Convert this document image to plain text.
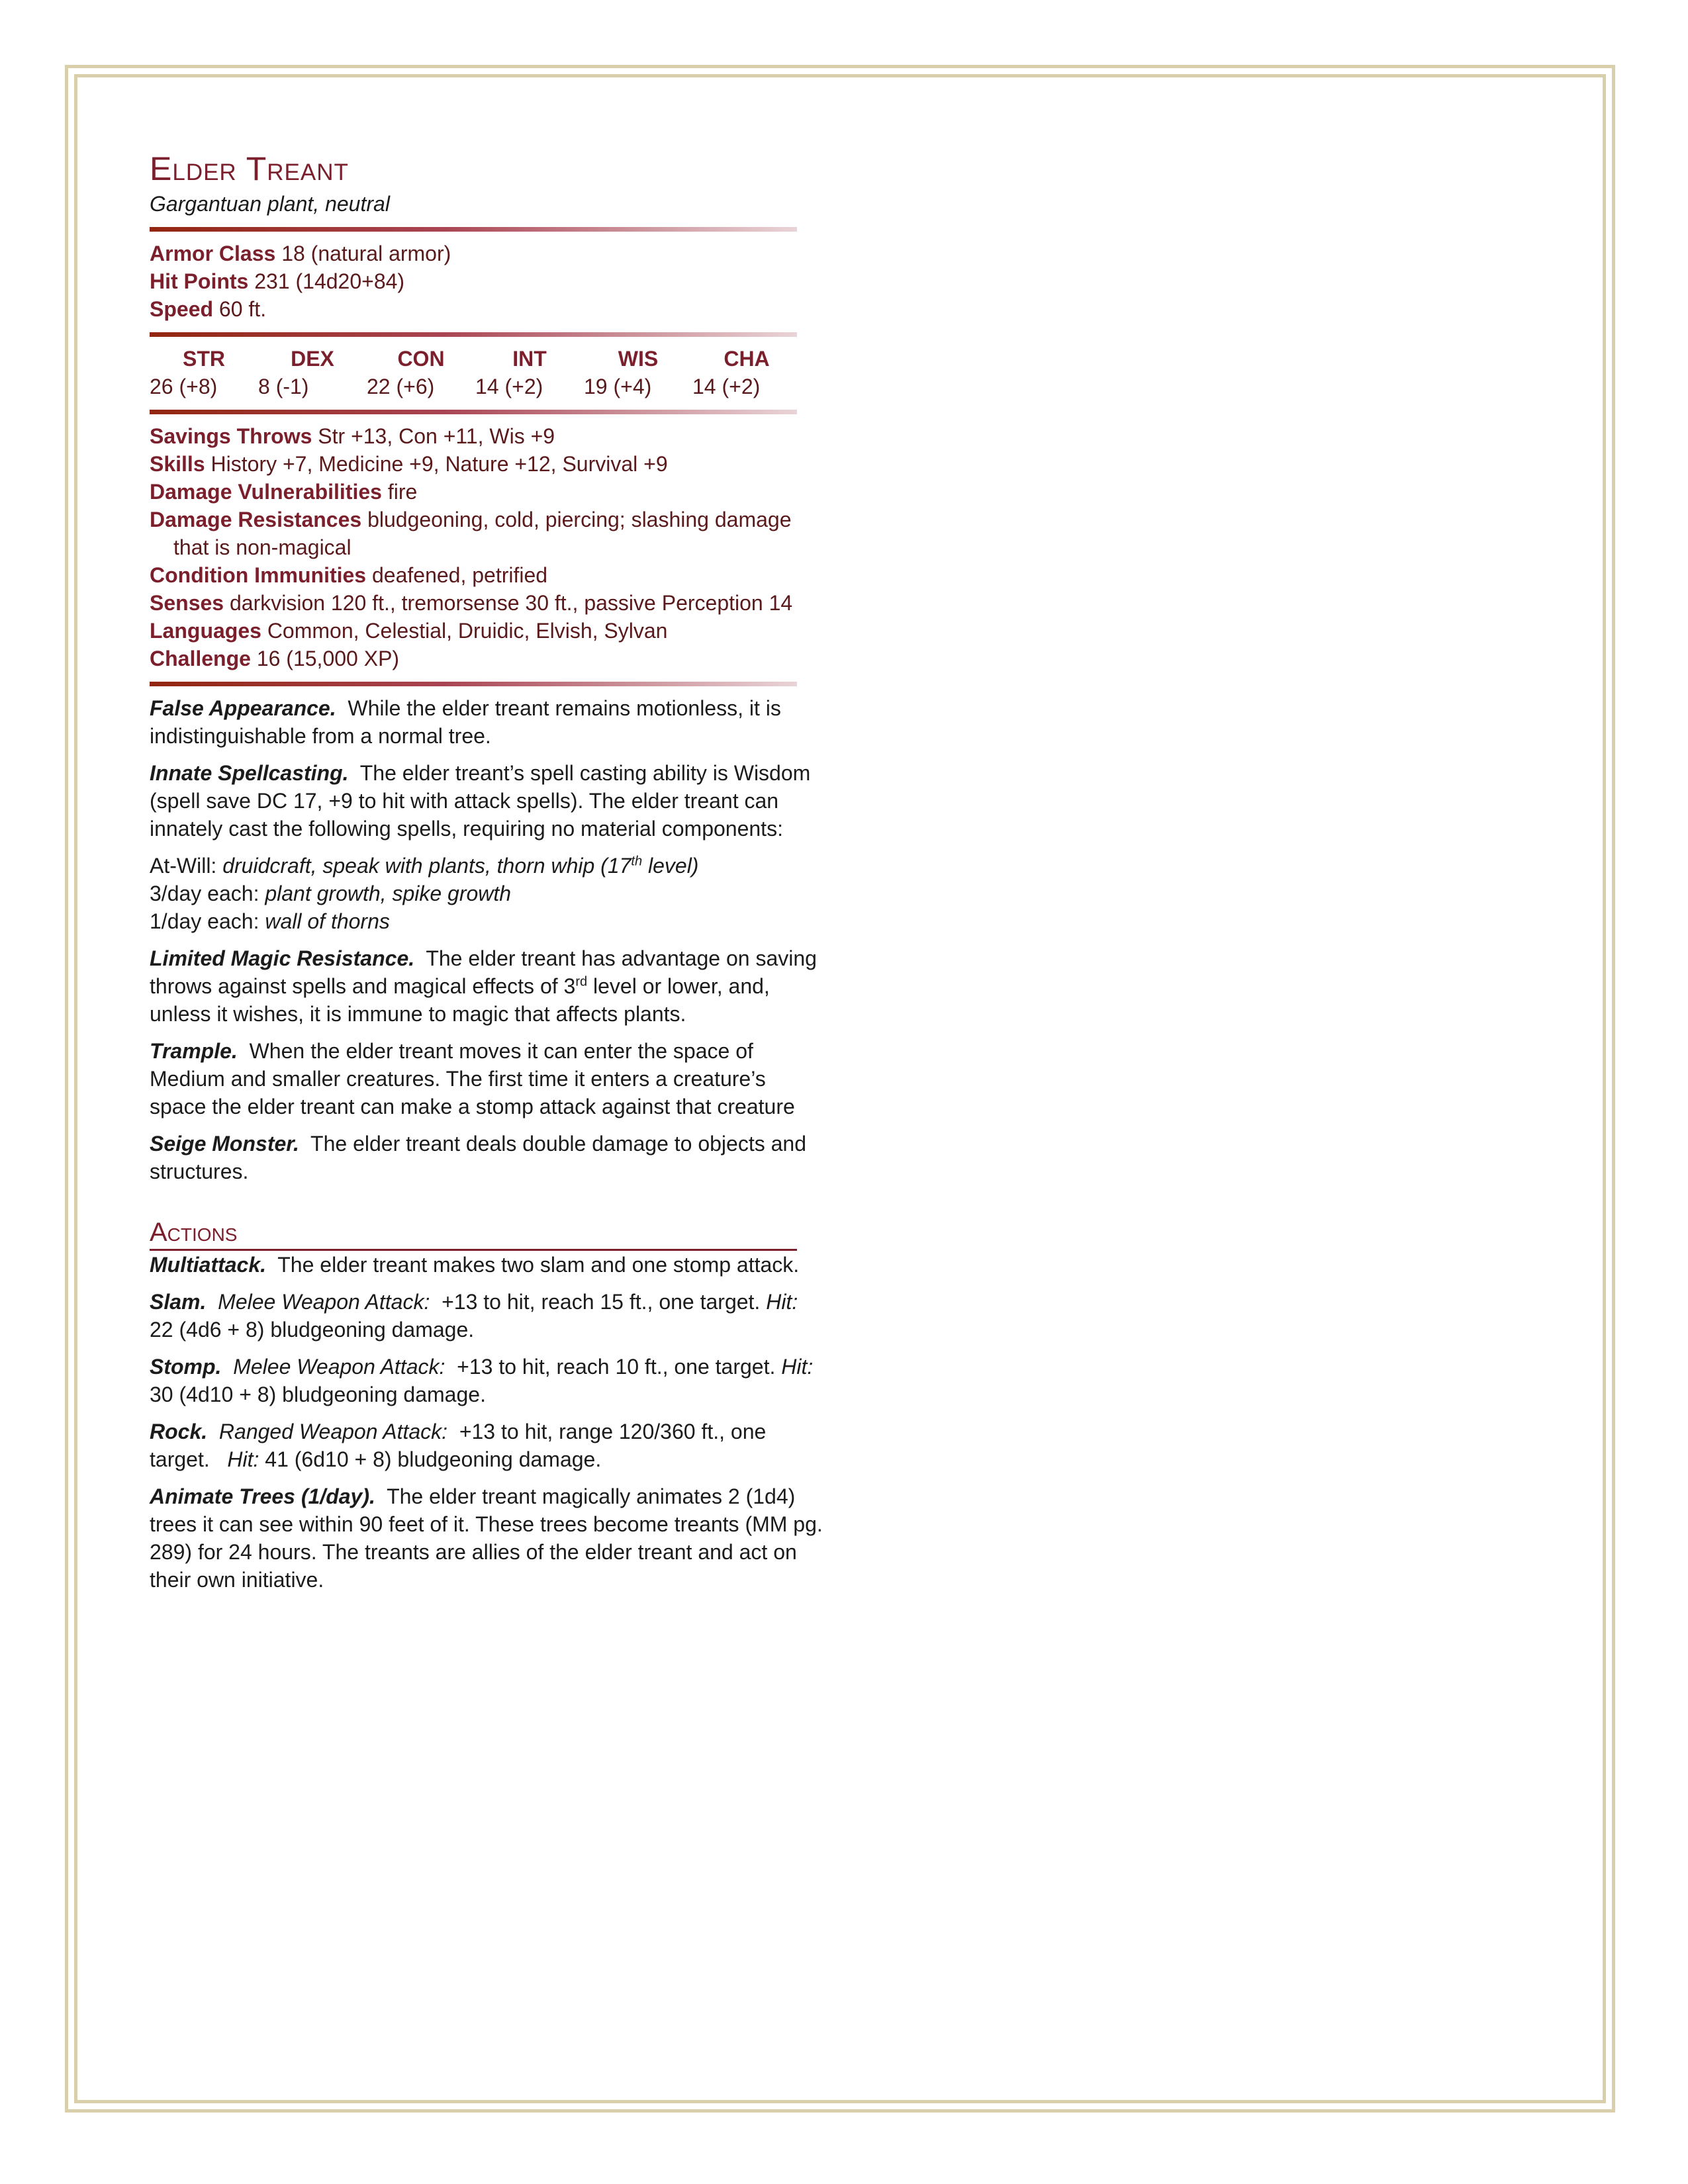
Elder Treant
Gargantuan plant, neutral
Armor Class 18 (natural armor)
Hit Points 231 (14d20+84)
Speed 60 ft.
STR	DEX	CON	INT	WIS	CHA
26 (+8)	8 (-1)	22 (+6)	14 (+2)	19 (+4)	14 (+2)
Savings Throws Str +13, Con +11, Wis +9
Skills History +7, Medicine +9, Nature +12, Survival +9
Damage Vulnerabilities fire
Damage Resistances bludgeoning, cold, piercing; slashing damage
that is non-magical
Condition Immunities deafened, petrified
Senses darkvision 120 ft., tremorsense 30 ft., passive Perception 14
Languages Common, Celestial, Druidic, Elvish, Sylvan
Challenge 16 (15,000 XP)
False Appearance. While the elder treant remains motionless, it is indistinguishable from a normal tree.
Innate Spellcasting. The elder treant’s spell casting ability is Wisdom (spell save DC 17, +9 to hit with attack spells). The elder treant can innately cast the following spells, requiring no material components:
At-Will: druidcraft, speak with plants, thorn whip (17th level)
3/day each: plant growth, spike growth
1/day each: wall of thorns
Limited Magic Resistance. The elder treant has advantage on saving throws against spells and magical effects of 3rd level or lower, and, unless it wishes, it is immune to magic that affects plants.
Trample. When the elder treant moves it can enter the space of Medium and smaller creatures. The first time it enters a creature’s space the elder treant can make a stomp attack against that creature
Seige Monster. The elder treant deals double damage to objects and structures.
Actions
Multiattack. The elder treant makes two slam and one stomp attack.
Slam. Melee Weapon Attack: +13 to hit, reach 15 ft., one target. Hit: 22 (4d6 + 8) bludgeoning damage.
Stomp. Melee Weapon Attack: +13 to hit, reach 10 ft., one target. Hit: 30 (4d10 + 8) bludgeoning damage.
Rock. Ranged Weapon Attack: +13 to hit, range 120/360 ft., one target. Hit: 41 (6d10 + 8) bludgeoning damage.
Animate Trees (1/day). The elder treant magically animates 2 (1d4) trees it can see within 90 feet of it. These trees become treants (MM pg. 289) for 24 hours. The treants are allies of the elder treant and act on their own initiative.
